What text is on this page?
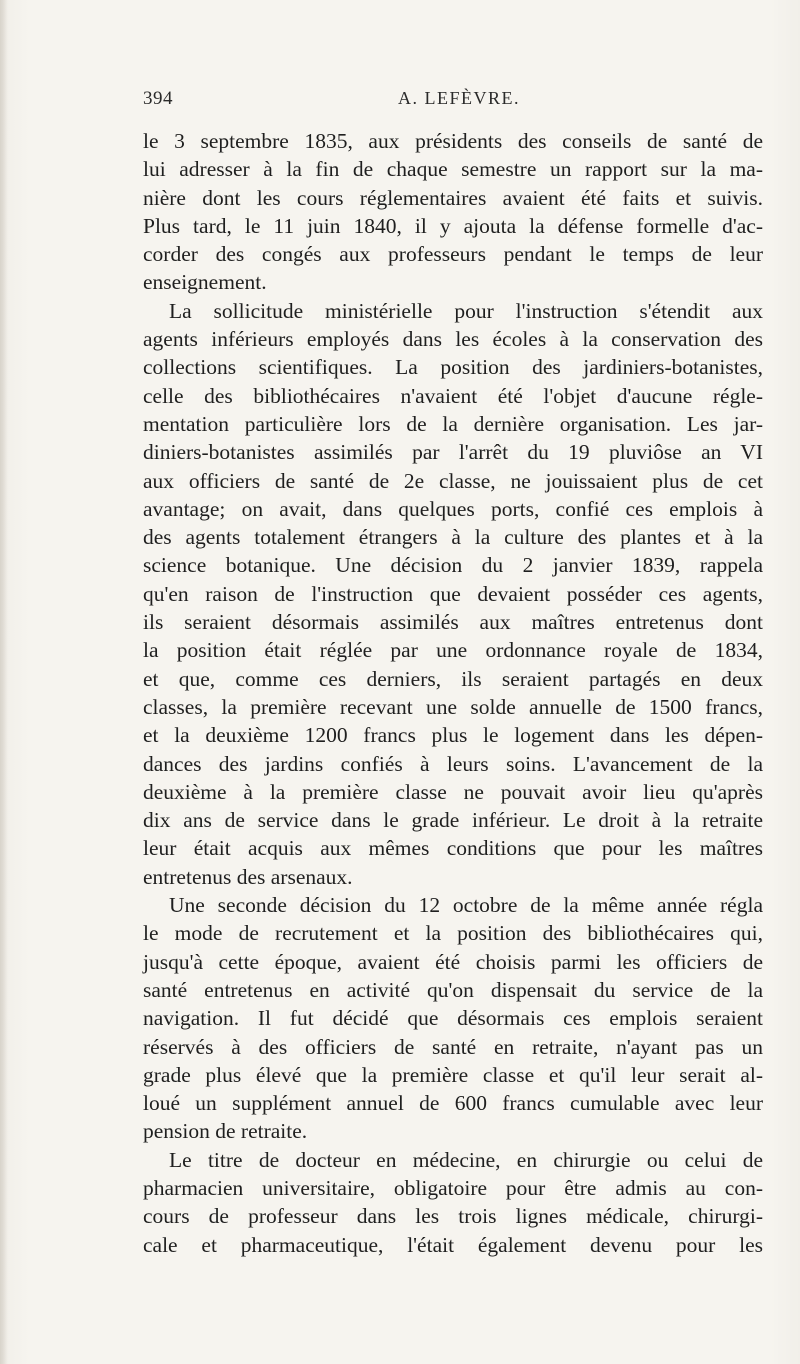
394	A. LEFÈVRE.
le 3 septembre 1835, aux présidents des conseils de santé de
lui adresser à la fin de chaque semestre un rapport sur la ma-
nière dont les cours réglementaires avaient été faits et suivis.
Plus tard, le 11 juin 1840, il y ajouta la défense formelle d'ac-
corder des congés aux professeurs pendant le temps de leur
enseignement.
La sollicitude ministérielle pour l'instruction s'étendit aux
agents inférieurs employés dans les écoles à la conservation des
collections scientifiques. La position des jardiniers-botanistes,
celle des bibliothécaires n'avaient été l'objet d'aucune régle-
mentation particulière lors de la dernière organisation. Les jar-
diniers-botanistes assimilés par l'arrêt du 19 pluviôse an VI
aux officiers de santé de 2e classe, ne jouissaient plus de cet
avantage; on avait, dans quelques ports, confié ces emplois à
des agents totalement étrangers à la culture des plantes et à la
science botanique. Une décision du 2 janvier 1839, rappela
qu'en raison de l'instruction que devaient posséder ces agents,
ils seraient désormais assimilés aux maîtres entretenus dont
la position était réglée par une ordonnance royale de 1834,
et que, comme ces derniers, ils seraient partagés en deux
classes, la première recevant une solde annuelle de 1500 francs,
et la deuxième 1200 francs plus le logement dans les dépen-
dances des jardins confiés à leurs soins. L'avancement de la
deuxième à la première classe ne pouvait avoir lieu qu'après
dix ans de service dans le grade inférieur. Le droit à la retraite
leur était acquis aux mêmes conditions que pour les maîtres
entretenus des arsenaux.
Une seconde décision du 12 octobre de la même année régla
le mode de recrutement et la position des bibliothécaires qui,
jusqu'à cette époque, avaient été choisis parmi les officiers de
santé entretenus en activité qu'on dispensait du service de la
navigation. Il fut décidé que désormais ces emplois seraient
réservés à des officiers de santé en retraite, n'ayant pas un
grade plus élevé que la première classe et qu'il leur serait al-
loué un supplément annuel de 600 francs cumulable avec leur
pension de retraite.
Le titre de docteur en médecine, en chirurgie ou celui de
pharmacien universitaire, obligatoire pour être admis au con-
cours de professeur dans les trois lignes médicale, chirurgi-
cale et pharmaceutique, l'était également devenu pour les
